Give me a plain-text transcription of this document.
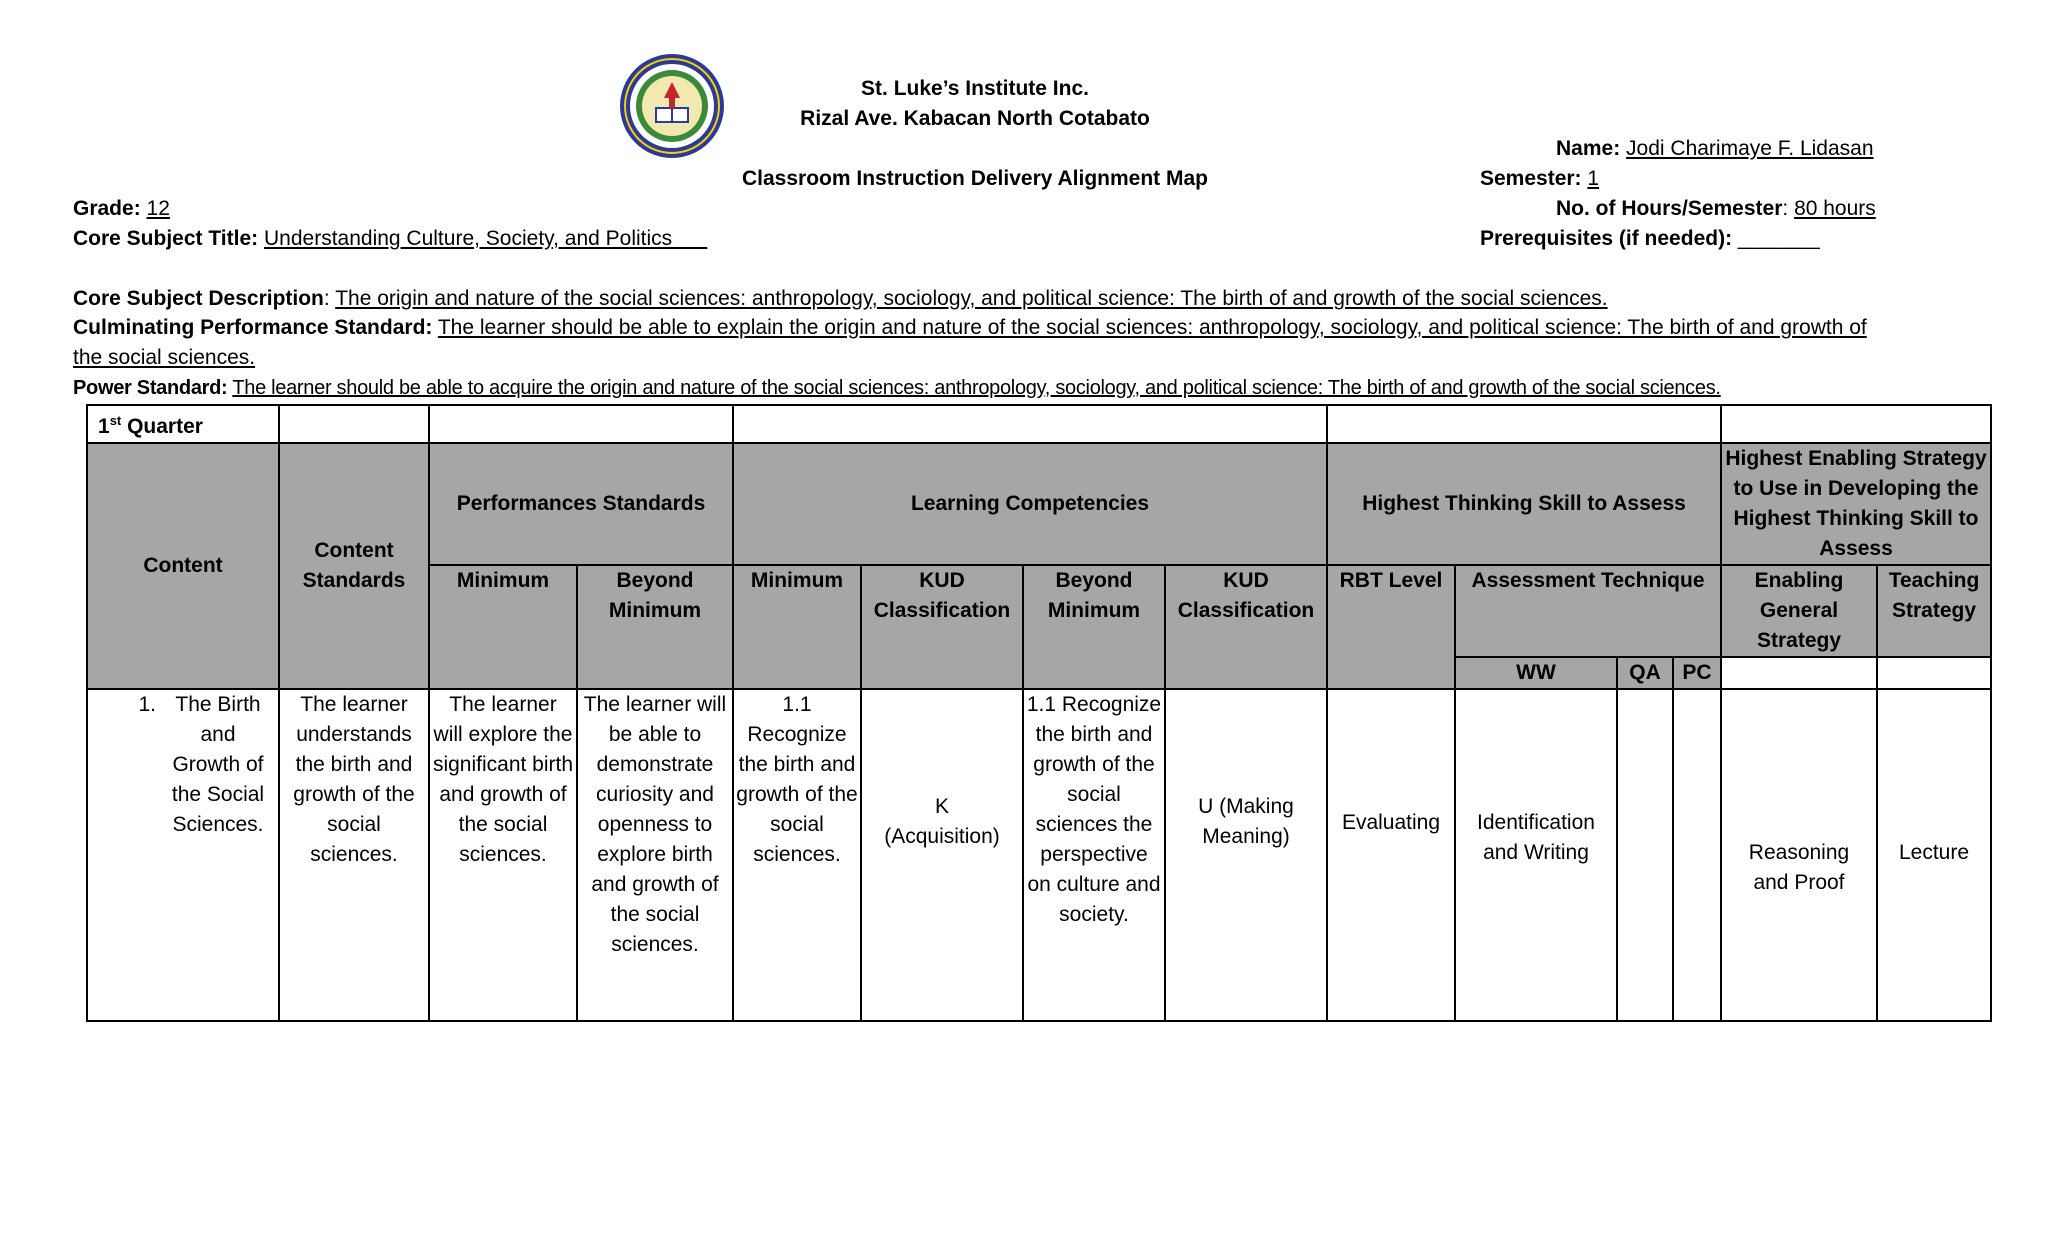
St. Luke’s Institute Inc.
Rizal Ave. Kabacan North Cotabato
Classroom Instruction Delivery Alignment Map
Name: Jodi Charimaye F. Lidasan
Semester: 1
No. of Hours/Semester: 80 hours
Prerequisites (if needed): _______
Grade: 12
Core Subject Title: Understanding Culture, Society, and Politics___
Core Subject Description: The origin and nature of the social sciences: anthropology, sociology, and political science: The birth of and growth of the social sciences.
Culminating Performance Standard: The learner should be able to explain the origin and nature of the social sciences: anthropology, sociology, and political science: The birth of and growth of
the social sciences.
Power Standard: The learner should be able to acquire the origin and nature of the social sciences: anthropology, sociology, and political science: The birth of and growth of the social sciences.
1st Quarter													
Content	Content Standards	Performances Standards		Learning Competencies				Highest Thinking Skill to Assess				Highest Enabling Strategy to Use in Developing the Highest Thinking Skill to Assess	
		Minimum	Beyond Minimum	Minimum	KUD Classification	Beyond Minimum	KUD Classification	RBT Level	Assessment Technique			Enabling General Strategy	Teaching Strategy
									WW	QA	PC		

1. The Birth and Growth of the Social Sciences.	The learner understands the birth and growth of the social sciences.	The learner will explore the significant birth and growth of the social sciences.	The learner will be able to demonstrate curiosity and openness to explore birth and growth of the social sciences.	1.1 Recognize the birth and growth of the social sciences.	K (Acquisition)	1.1 Recognize the birth and growth of the social sciences the perspective on culture and society.	U (Making Meaning)	Evaluating	Identification and Writing			Reasoning and Proof	Lecture
